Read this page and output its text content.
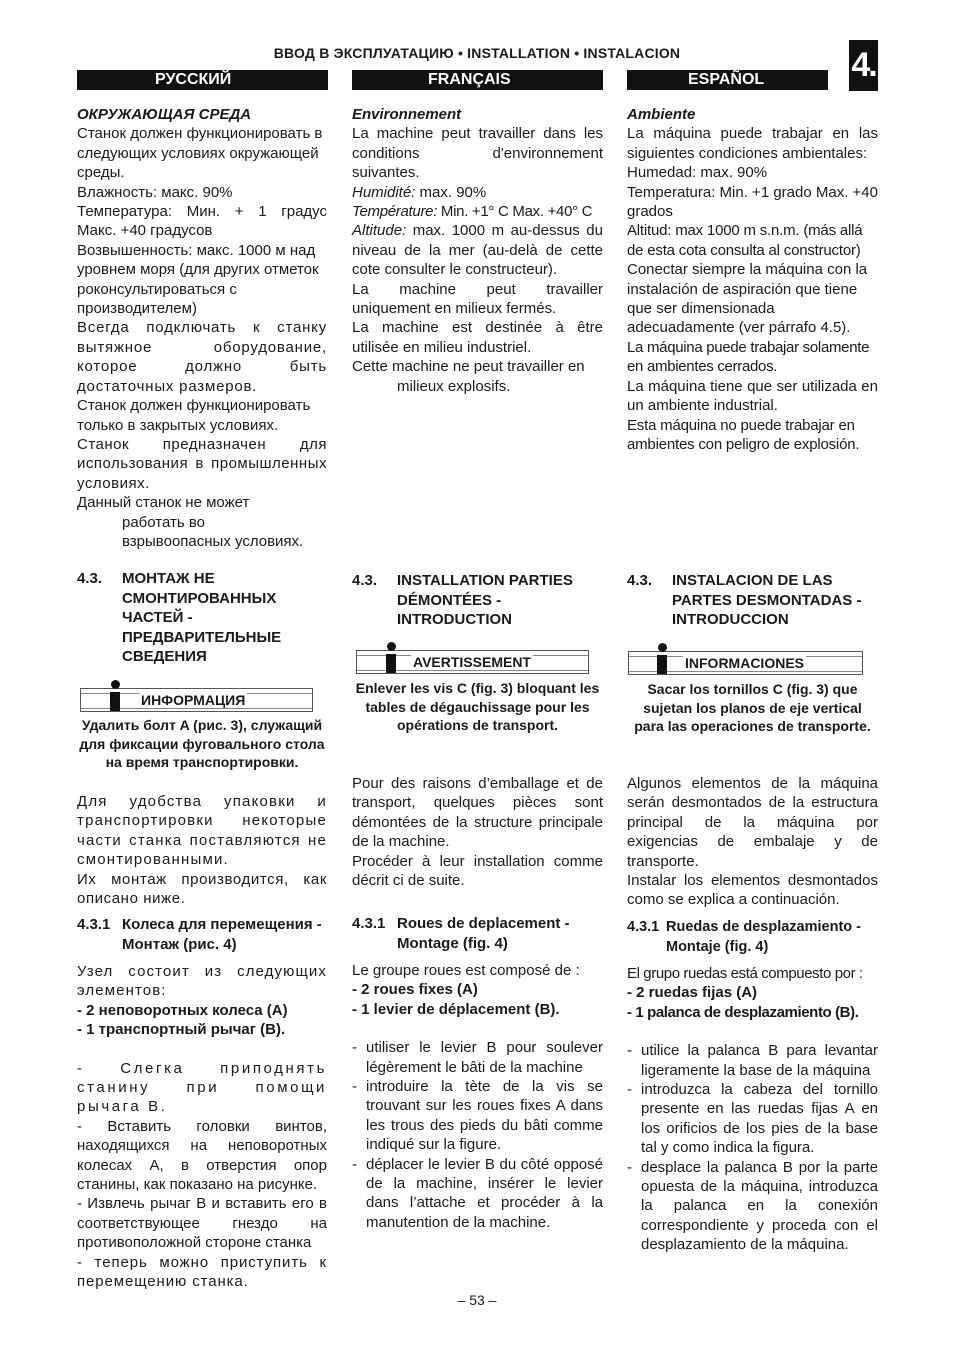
ВВОД В ЭКСПЛУАТАЦИЮ • INSTALLATION • INSTALACION	4.
РУССКИЙ	FRANÇAIS	ESPAÑOL

ОКРУЖАЮЩАЯ СРЕДА

Станок должен функционировать в следующих условиях окружающей среды.

Влажность: макс. 90%

Температура: Мин. + 1 градус Макс. +40 градусов

Возвышенность: макс. 1000 м над уровнем моря (для других отметок роконсультироваться с производителем)

Всегда подключать к станку вытяжное оборудование, которое должно быть достаточных размеров.

Станок должен функционировать только в закрытых условиях.

Станок предназначен для использования в промышленных условиях.

Данный станок не может

работать во

взрывоопасных условиях.

4.3. МОНТАЖ НЕ СМОНТИРОВАННЫХ ЧАСТЕЙ - ПРЕДВАРИТЕЛЬНЫЕ СВЕДЕНИЯ
ИНФОРМАЦИЯ
Удалить болт A (рис. 3), служащий для фиксации фуговального стола на время транспортировки.

Для удобства упаковки и транспортировки некоторые части станка поставляются не смонтированными.

Их монтаж производится, как описано ниже.

4.3.1 Колеса для перемещения - Монтаж (рис. 4)

Узел состоит из следующих элементов:

- 2 неповоротных колеса (A)

- 1 транспортный рычаг (B).

- Слегка приподнять станину при помощи рычага B.

- Вставить головки винтов, находящихся на неповоротных колесах А, в отверстия опор станины, как показано на рисунке.

- Извлечь рычаг B и вставить его в соответствующее гнездо на противоположной стороне станка

- теперь можно приступить к перемещению станка.

Environnement

La machine peut travailler dans les conditions d'environnement suivantes.

Humidité: max. 90%

Température: Min. +1° C Max. +40° C

Altitude: max. 1000 m au-dessus du niveau de la mer (au-delà de cette cote consulter le constructeur).

La machine peut travailler uniquement en milieux fermés.

La machine est destinée à être utilisée en milieu industriel.

Cette machine ne peut travailler en

milieux explosifs.

4.3. INSTALLATION PARTIES DÉMONTÉES - INTRODUCTION
AVERTISSEMENT
Enlever les vis C (fig. 3) bloquant les tables de dégauchissage pour les opérations de transport.

Pour des raisons d’emballage et de transport, quelques pièces sont démontées de la structure principale de la machine.

Procéder à leur installation comme décrit ci de suite.

4.3.1 Roues de deplacement - Montage (fig. 4)

Le groupe roues est composé de :

- 2 roues fixes (A)

- 1 levier de déplacement (B).

- utiliser le levier B pour soulever légèrement le bâti de la machine
- introduire la tète de la vis se trouvant sur les roues fixes A dans les trous des pieds du bâti comme indiqué sur la figure.
- déplacer le levier B du côté opposé de la machine, insérer le levier dans l’attache et procéder à la manutention de la machine.

Ambiente

La máquina puede trabajar en las siguientes condiciones ambientales:

Humedad: max. 90%

Temperatura: Min. +1 grado Max. +40 grados

Altitud: max 1000 m s.n.m. (más allá de esta cota consulta al constructor)

Conectar siempre la máquina con la instalación de aspiración que tiene que ser dimensionada adecuadamente (ver párrafo 4.5).

La máquina puede trabajar solamente en ambientes cerrados.

La máquina tiene que ser utilizada en un ambiente industrial.

Esta máquina no puede trabajar en ambientes con peligro de explosión.

4.3. INSTALACION DE LAS PARTES DESMONTADAS - INTRODUCCION
INFORMACIONES
Sacar los tornillos C (fig. 3) que sujetan los planos de eje vertical para las operaciones de transporte.

Algunos elementos de la máquina serán desmontados de la estructura principal de la máquina por exigencias de embalaje y de transporte.

Instalar los elementos desmontados como se explica a continuación.

4.3.1 Ruedas de desplazamiento - Montaje (fig. 4)

El grupo ruedas está compuesto por :

- 2 ruedas fijas (A)

- 1 palanca de desplazamiento (B).

- utilice la palanca B para levantar ligeramente la base de la máquina
- introduzca la cabeza del tornillo presente en las ruedas fijas A en los orificios de los pies de la base tal y como indica la figura.
- desplace la palanca B por la parte opuesta de la máquina, introduzca la palanca en la conexión correspondiente y proceda con el desplazamiento de la máquina.
– 53 –
